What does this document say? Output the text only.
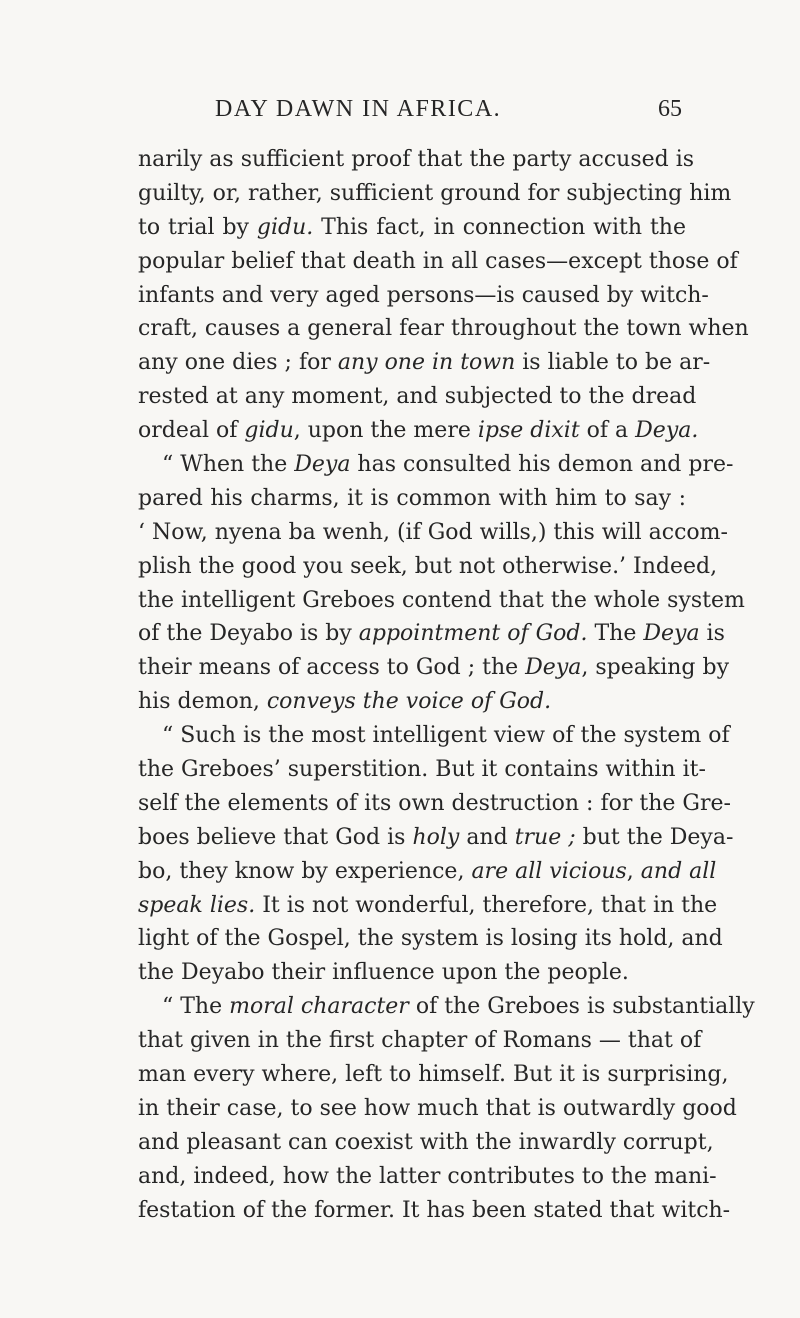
DAY DAWN IN AFRICA.	65
narily as sufficient proof that the party accused is
guilty, or, rather, sufficient ground for subjecting him
to trial by gidu. This fact, in connection with the
popular belief that death in all cases—except those of
infants and very aged persons—is caused by witch-
craft, causes a general fear throughout the town when
any one dies ; for any one in town is liable to be ar-
rested at any moment, and subjected to the dread
ordeal of gidu, upon the mere ipse dixit of a Deya.
“ When the Deya has consulted his demon and pre-
pared his charms, it is common with him to say :
‘ Now, nyena ba wenh, (if God wills,) this will accom-
plish the good you seek, but not otherwise.’ Indeed,
the intelligent Greboes contend that the whole system
of the Deyabo is by appointment of God. The Deya is
their means of access to God ; the Deya, speaking by
his demon, conveys the voice of God.
“ Such is the most intelligent view of the system of
the Greboes’ superstition. But it contains within it-
self the elements of its own destruction : for the Gre-
boes believe that God is holy and true ; but the Deya-
bo, they know by experience, are all vicious, and all
speak lies. It is not wonderful, therefore, that in the
light of the Gospel, the system is losing its hold, and
the Deyabo their influence upon the people.
“ The moral character of the Greboes is substantially
that given in the first chapter of Romans — that of
man every where, left to himself. But it is surprising,
in their case, to see how much that is outwardly good
and pleasant can coexist with the inwardly corrupt,
and, indeed, how the latter contributes to the mani-
festation of the former. It has been stated that witch-
